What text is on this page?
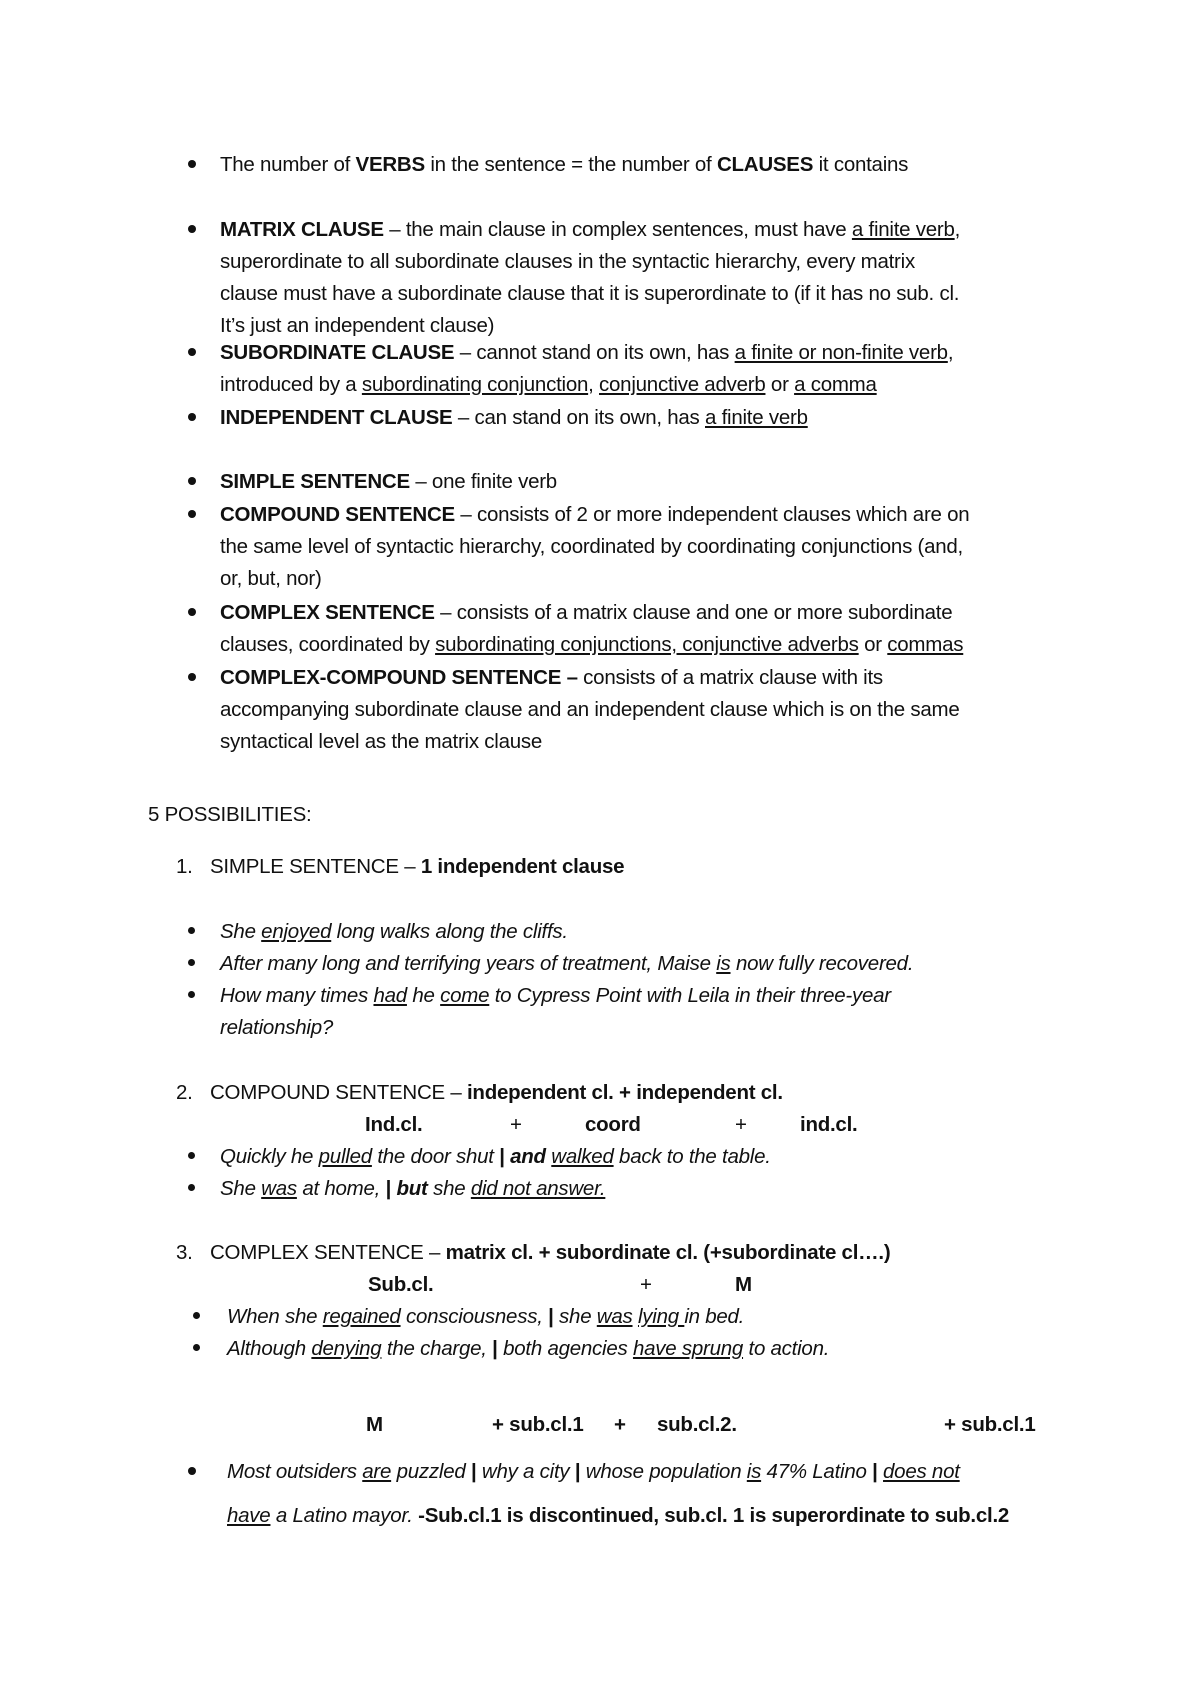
The number of VERBS in the sentence = the number of CLAUSES it contains
MATRIX CLAUSE – the main clause in complex sentences, must have a finite verb,
superordinate to all subordinate clauses in the syntactic hierarchy, every matrix
clause must have a subordinate clause that it is superordinate to (if it has no sub. cl.
It’s just an independent clause)
SUBORDINATE CLAUSE – cannot stand on its own, has a finite or non-finite verb,
introduced by a subordinating conjunction, conjunctive adverb or a comma
INDEPENDENT CLAUSE – can stand on its own, has a finite verb
SIMPLE SENTENCE – one finite verb
COMPOUND SENTENCE – consists of 2 or more independent clauses which are on
the same level of syntactic hierarchy, coordinated by coordinating conjunctions (and,
or, but, nor)
COMPLEX SENTENCE – consists of a matrix clause and one or more subordinate
clauses, coordinated by subordinating conjunctions, conjunctive adverbs or commas
COMPLEX-COMPOUND SENTENCE – consists of a matrix clause with its
accompanying subordinate clause and an independent clause which is on the same
syntactical level as the matrix clause
5 POSSIBILITIES:
1. SIMPLE SENTENCE – 1 independent clause
She enjoyed long walks along the cliffs.
After many long and terrifying years of treatment, Maise is now fully recovered.
How many times had he come to Cypress Point with Leila in their three-year
relationship?
2. COMPOUND SENTENCE – independent cl. + independent cl.
Ind.cl.	+	coord	+	ind.cl.
Quickly he pulled the door shut | and walked back to the table.
She was at home, | but she did not answer.
3. COMPLEX SENTENCE – matrix cl. + subordinate cl. (+subordinate cl….)
Sub.cl.	+	M
When she regained consciousness, | she was lying in bed.
Although denying the charge, | both agencies have sprung to action.
M	+ sub.cl.1 + sub.cl.2.	+ sub.cl.1
Most outsiders are puzzled | why a city | whose population is 47% Latino | does not
have a Latino mayor. -Sub.cl.1 is discontinued, sub.cl. 1 is superordinate to sub.cl.2
